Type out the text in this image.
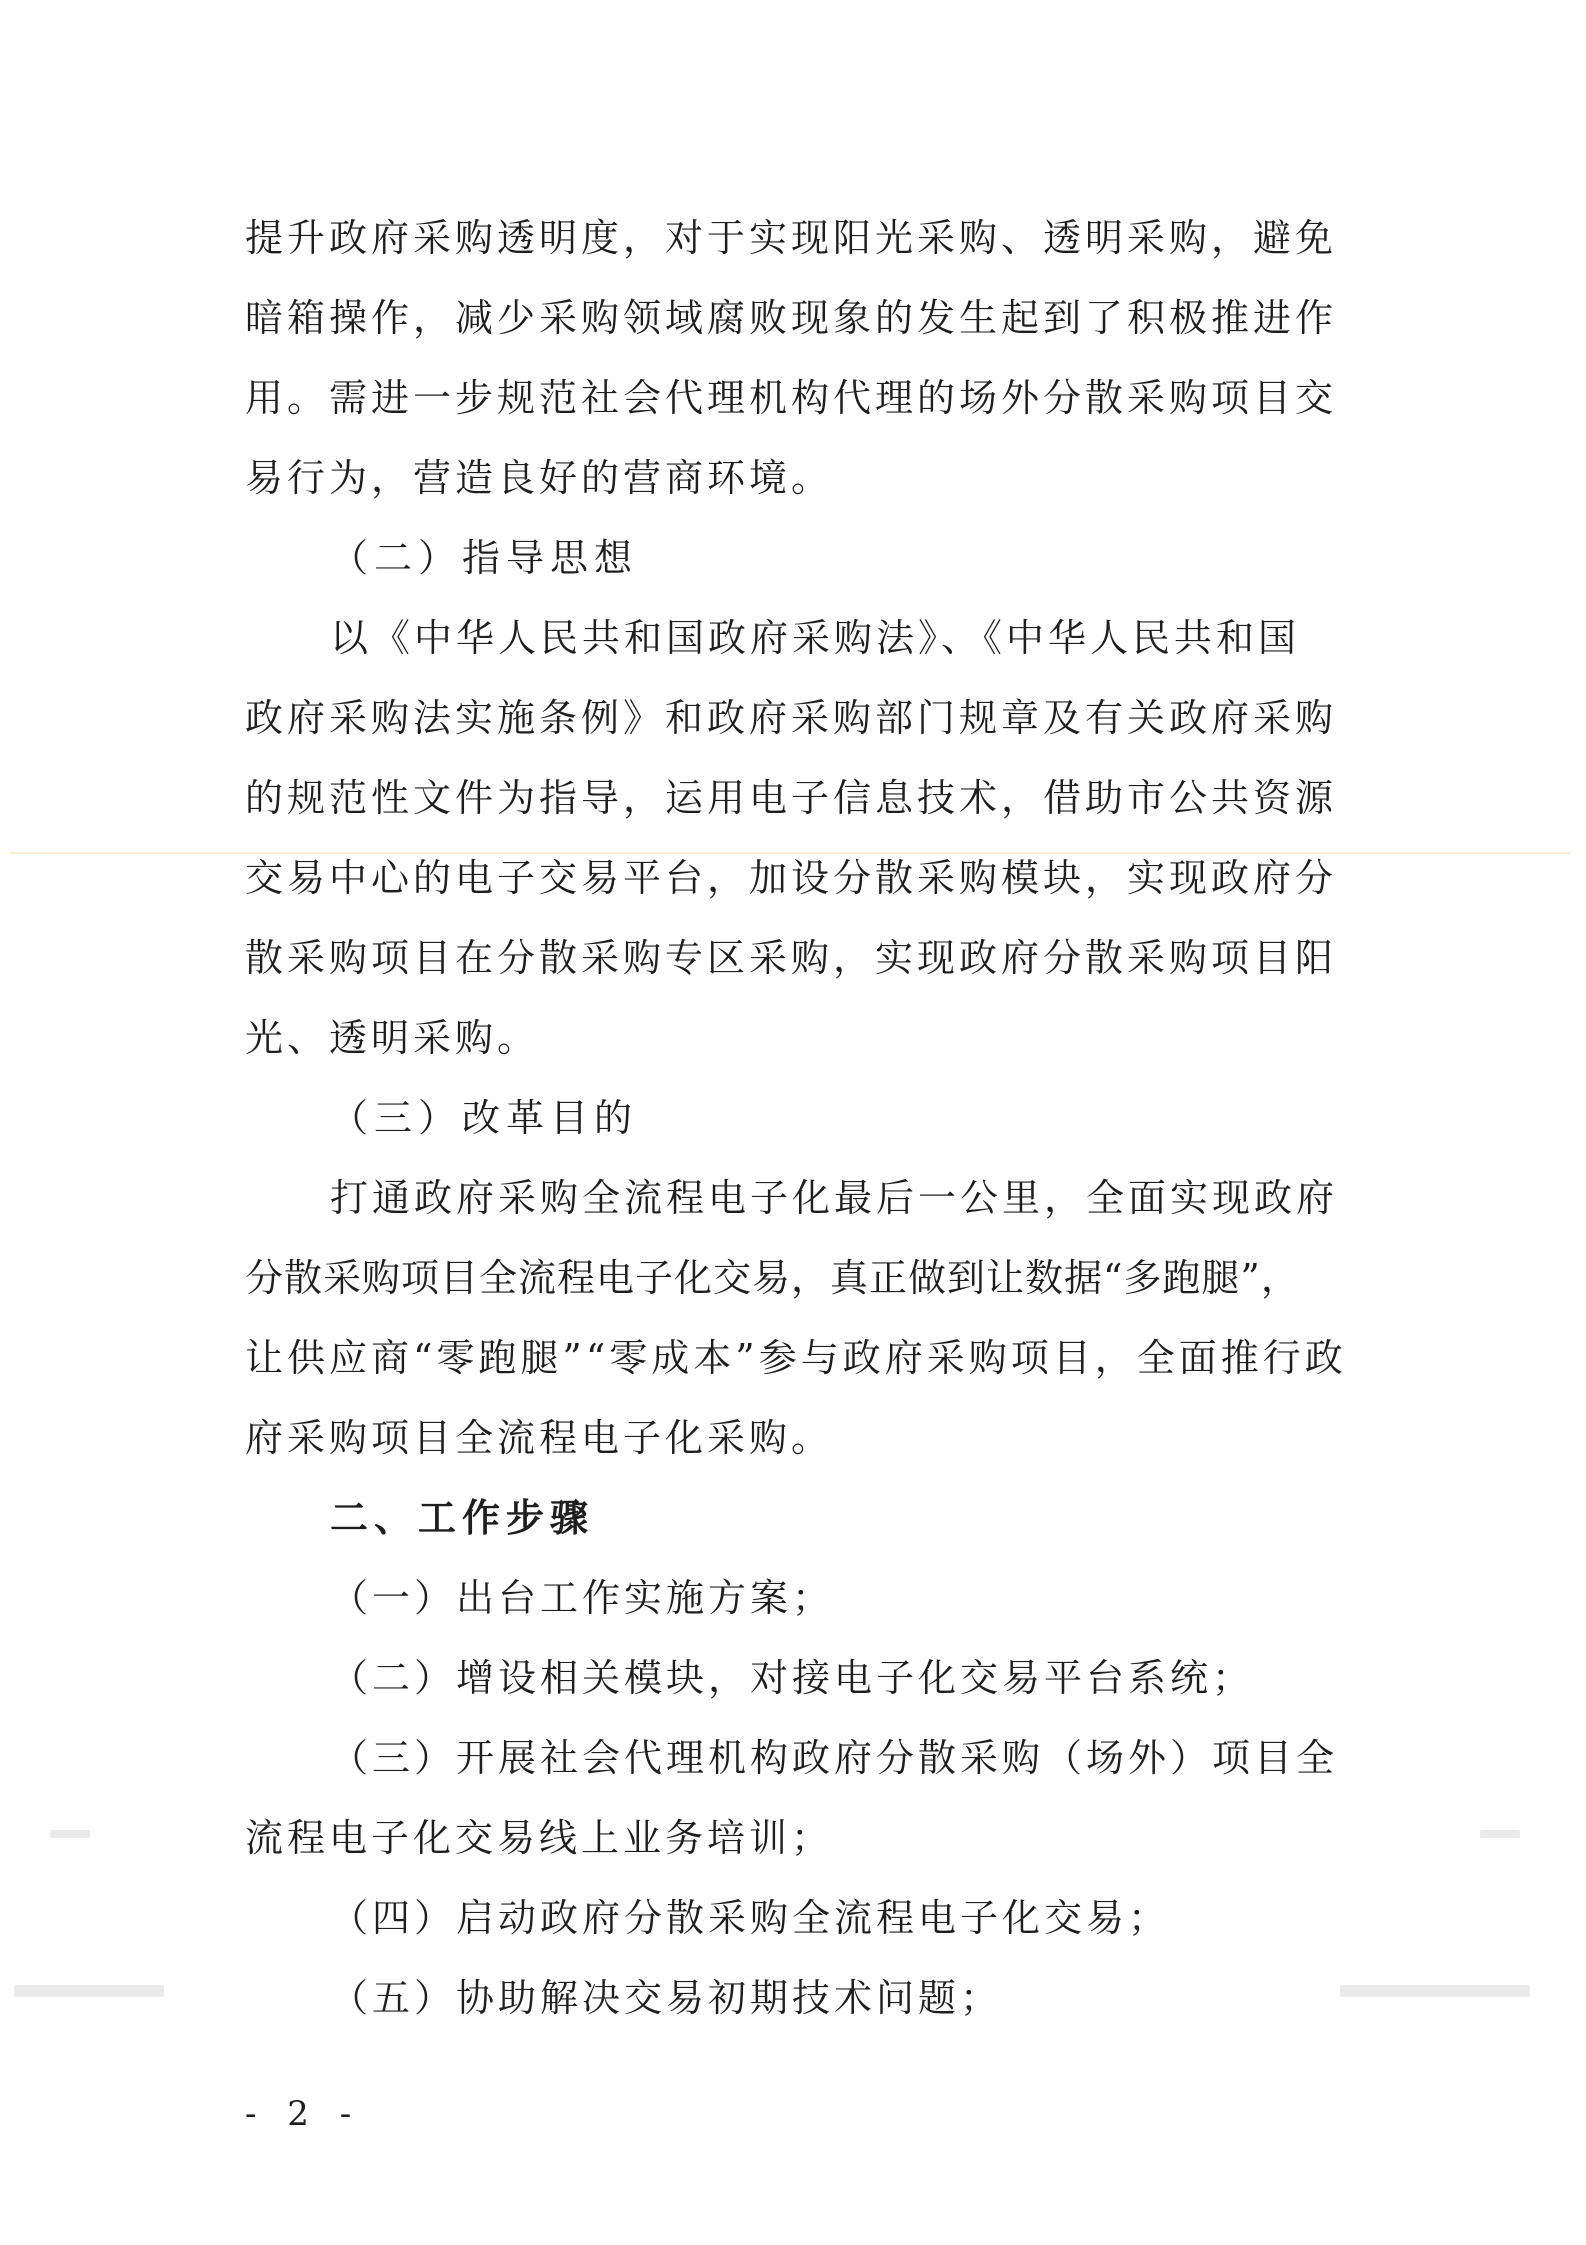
提升政府采购透明度，对于实现阳光采购、透明采购，避免

暗箱操作，减少采购领域腐败现象的发生起到了积极推进作

用。需进一步规范社会代理机构代理的场外分散采购项目交

易行为，营造良好的营商环境。

（二）指导思想

以《中华人民共和国政府采购法》、《中华人民共和国

政府采购法实施条例》和政府采购部门规章及有关政府采购

的规范性文件为指导，运用电子信息技术，借助市公共资源

交易中心的电子交易平台，加设分散采购模块，实现政府分

散采购项目在分散采购专区采购，实现政府分散采购项目阳

光、透明采购。

（三）改革目的

打通政府采购全流程电子化最后一公里，全面实现政府

分散采购项目全流程电子化交易，真正做到让数据“多跑腿”，

让供应商“零跑腿”“零成本”参与政府采购项目，全面推行政

府采购项目全流程电子化采购。

二、工作步骤

（一）出台工作实施方案；

（二）增设相关模块，对接电子化交易平台系统；

（三）开展社会代理机构政府分散采购（场外）项目全

流程电子化交易线上业务培训；

（四）启动政府分散采购全流程电子化交易；

（五）协助解决交易初期技术问题；

- 2 -
